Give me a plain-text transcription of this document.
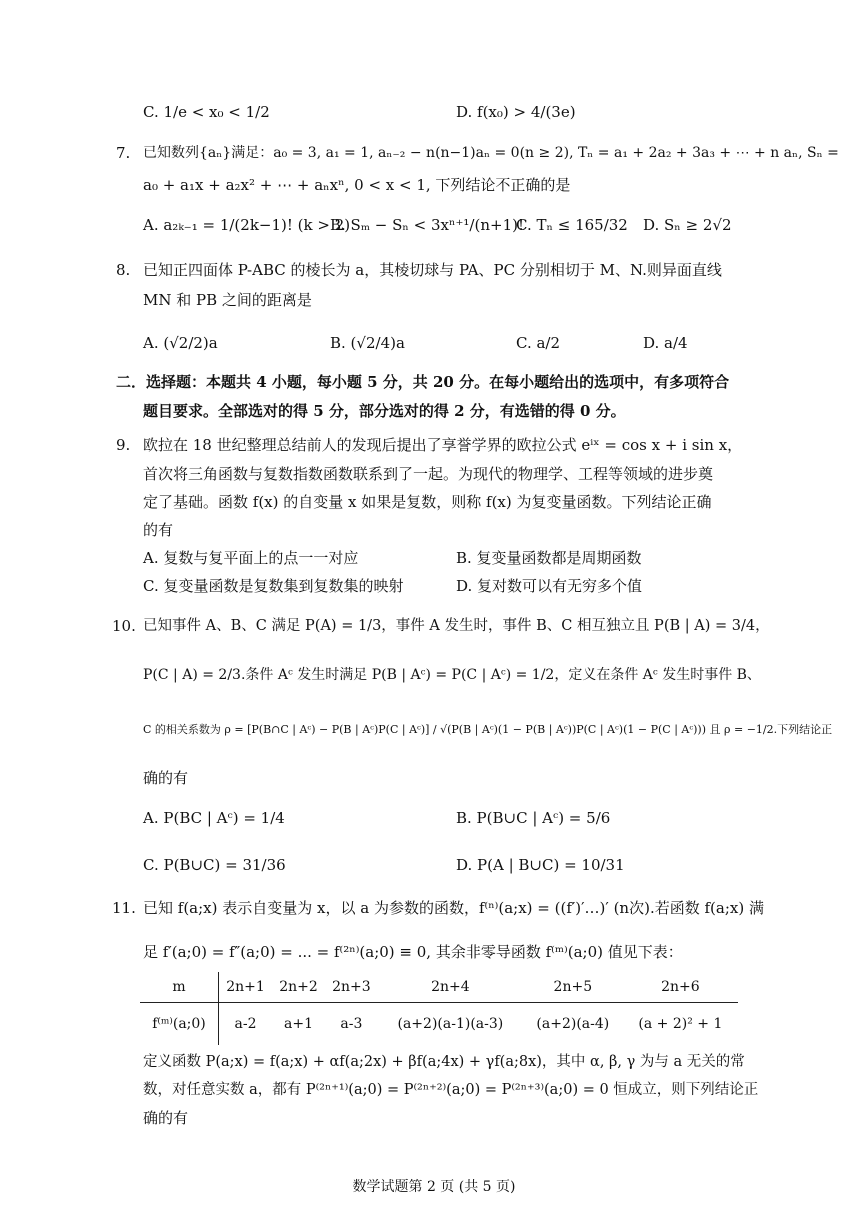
C. 1/e < x₀ < 1/2	D. f(x₀) > 4/(3e)
7. 已知数列{aₙ}满足：a₀ = 3, a₁ = 1, aₙ₋₂ − n(n−1)aₙ = 0(n ≥ 2), Tₙ = a₁ + 2a₂ + 3a₃ + ⋯ + n aₙ, Sₙ =
a₀ + a₁x + a₂x² + ⋯ + aₙxⁿ, 0 < x < 1, 下列结论不正确的是
A. a₂ₖ₋₁ = 1/(2k−1)! (k > 2)
B. Sₘ − Sₙ < 3xⁿ⁺¹/(n+1)!
C. Tₙ ≤ 165/32 D. Sₙ ≥ 2√2
8. 已知正四面体 P-ABC 的棱长为 a，其棱切球与 PA、PC 分别相切于 M、N.则异面直线
MN 和 PB 之间的距离是
A. (√2/2)a	B. (√2/4)a	C. a/2	D. a/4
二．选择题：本题共 4 小题，每小题 5 分，共 20 分。在每小题给出的选项中，有多项符合
题目要求。全部选对的得 5 分，部分选对的得 2 分，有选错的得 0 分。
9. 欧拉在 18 世纪整理总结前人的发现后提出了享誉学界的欧拉公式 eⁱˣ = cos x + i sin x，
首次将三角函数与复数指数函数联系到了一起。为现代的物理学、工程等领域的进步奠
定了基础。函数 f(x) 的自变量 x 如果是复数，则称 f(x) 为复变量函数。下列结论正确
的有
A. 复数与复平面上的点一一对应	B. 复变量函数都是周期函数
C. 复变量函数是复数集到复数集的映射	D. 复对数可以有无穷多个值
10. 已知事件 A、B、C 满足 P(A) = 1/3，事件 A 发生时，事件 B、C 相互独立且 P(B | A) = 3/4，
P(C | A) = 2/3.条件 Aᶜ 发生时满足 P(B | Aᶜ) = P(C | Aᶜ) = 1/2，定义在条件 Aᶜ 发生时事件 B、
C 的相关系数为 ρ = [P(B∩C | Aᶜ) − P(B | Aᶜ)P(C | Aᶜ)] / √(P(B | Aᶜ)(1 − P(B | Aᶜ))P(C | Aᶜ)(1 − P(C | Aᶜ))) 且 ρ = −1/2.下列结论正
确的有
A. P(BC | Aᶜ) = 1/4	B. P(B∪C | Aᶜ) = 5/6
C. P(B∪C) = 31/36	D. P(A | B∪C) = 10/31
11. 已知 f(a;x) 表示自变量为 x，以 a 为参数的函数，f⁽ⁿ⁾(a;x) = ((f′)′…)′ (n次).若函数 f(a;x) 满
足 f′(a;0) = f″(a;0) = ... = f⁽²ⁿ⁾(a;0) ≡ 0, 其余非零导函数 f⁽ᵐ⁾(a;0) 值见下表：
m	2n+1	2n+2	2n+3	2n+4	2n+5	2n+6
f⁽ᵐ⁾(a;0)	a-2	a+1	a-3	(a+2)(a-1)(a-3)	(a+2)(a-4)	(a + 2)² + 1
定义函数 P(a;x) = f(a;x) + αf(a;2x) + βf(a;4x) + γf(a;8x)，其中 α, β, γ 为与 a 无关的常
数，对任意实数 a，都有 P⁽²ⁿ⁺¹⁾(a;0) = P⁽²ⁿ⁺²⁾(a;0) = P⁽²ⁿ⁺³⁾(a;0) = 0 恒成立，则下列结论正
确的有
数学试题第 2 页 (共 5 页)
